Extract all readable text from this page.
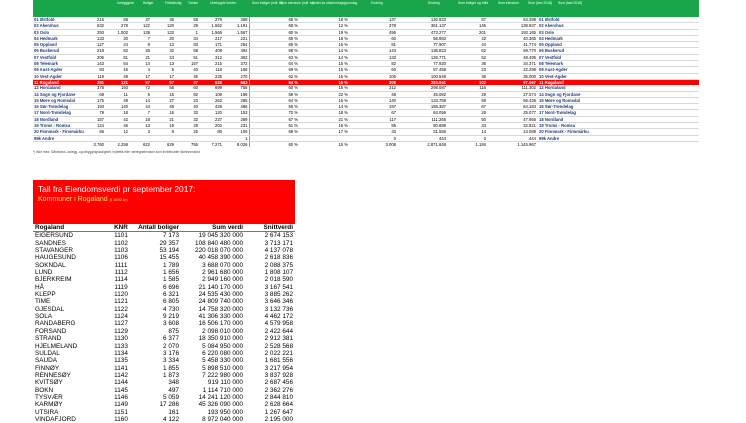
Innbyggere	Boliger	Fritidsbolig Tomter	Ubebygde tomter	Sum boliger (mill. kr)
Sum eiendom (mill. kr)
Andel av utskrivningsgrunnlag	Endring	Endring	Sum boliger og fritid	Sum eiendom	Sum (fast 2018) Sum (fast 2018)
01 Østfold	215	68	37	36	58	279	369	65 %	16 %	137	130.933	57	54.399	01 Østfold
02 Akershus	632	278	122	120	29	1.562	1.191	68 %	12 %	378	361.137	145	138.937	02 Akershus
03 Oslo	293	1.002	139	133	1	1.566	1.567	60 %	19 %	496	473.277	201	193.165	03 Oslo
04 Hedmark	133	30	7	20	34	217	221	69 %	16 %	60	56.983	42	40.365	04 Hedmark
05 Oppland	127	24	9	13	83	171	254	65 %	16 %	81	77.907	44	41.774	05 Oppland
06 Buskerud	219	82	26	32	58	408	492	68 %	14 %	143	136.823	62	59.770	06 Buskerud
07 Vestfold	206	61	21	24	51	312	362	63 %	14 %	133	126.771	52	48.495	07 Vestfold
08 Telemark	143	54	14	13	157	215	372	64 %	15 %	82	77.920	36	34.371	08 Telemark
09 Aust-Agder	93	16	4	5	40	118	158	69 %	15 %	60	57.459	23	22.296	09 Aust-Agder
10 Vest-Agder	119	48	17	17	45	225	270	62 %	15 %	105	100.549	36	35.000	10 Vest-Agder
11 Rogaland	391	121	57	57	37	628	663	54 %	15 %	308	293.941	102	97.667	11 Rogaland
12 Hordaland	378	193	72	56	60	699	758	60 %	15 %	312	298.087	116	111.302	12 Hordaland
14 Sogn og Fjordane	68	11	6	15	92	106	198	59 %	22 %	48	45.082	29	27.574	14 Sogn og Fjordane
15 Møre og Romsdal	175	48	14	27	23	262	285	64 %	16 %	140	133.759	59	56.436	15 Møre og Romsdal
16 Sør-Trøndelag	193	140	44	48	40	426	466	58 %	14 %	197	188.387	67	64.184	16 Sør-Trøndelag
17 Nord-Trøndelag	79	18	7	16	33	120	153	70 %	18 %	67	64.056	26	25.077	17 Nord-Trøndelag
18 Nordland	157	42	18	21	32	237	269	67 %	21 %	117	111.265	50	47.956	18 Nordland
19 Troms - Romsa	124	46	13	19	29	202	231	61 %	16 %	85	80.689	34	32.821	19 Troms - Romsa
20 Finnmark - Finnmárku	56	12	3	9	25	80	105	69 %	17 %	33	31.555	14	13.089	20 Finnmark - Finnmárku
99k Andre							1			0	444	0	444	99k Andre
	3.760	2.259	622	629	755	7.271	8.026	60 %	15 %	3.008	2.871.848	1.194	1.145.967	
*) Ikke med: Gårdsbruk, anlegg- og utbyggingsbolighelt, hytteflis eller næringseiendom som innbeholder ikkeinnenbord
Tall fra Eiendomsverdi pr september 2017:
Kommuner i Rogaland (i 1000 kr)
Rogaland	KNR	Antall boliger	Sum verdi	Snittverdi
EIGERSUND	1101	7 173	19 045 320 000	2 674 153
SANDNES	1102	29 357	108 840 480 000	3 713 171
STAVANGER	1103	53 194	220 018 070 000	4 137 078
HAUGESUND	1106	15 455	40 458 390 000	2 618 836
SOKNDAL	1111	1 789	3 688 070 000	2 088 375
LUND	1112	1 656	2 961 680 000	1 808 107
BJERKREIM	1114	1 585	2 949 160 000	2 018 590
HÅ	1119	6 696	21 140 170 000	3 167 541
KLEPP	1120	6 321	24 535 430 000	3 885 262
TIME	1121	6 805	24 809 740 000	3 646 346
GJESDAL	1122	4 730	14 758 320 000	3 132 736
SOLA	1124	9 219	41 306 330 000	4 462 172
RANDABERG	1127	3 608	16 506 170 000	4 579 958
FORSAND	1129	875	2 098 010 000	2 422 644
STRAND	1130	6 377	18 350 910 000	2 912 381
HJELMELAND	1133	2 070	5 084 950 000	2 528 568
SULDAL	1134	3 176	6 220 080 000	2 022 221
SAUDA	1135	3 334	5 458 330 000	1 681 556
FINNØY	1141	1 855	5 898 510 000	3 217 954
RENNESØY	1142	1 873	7 222 980 000	3 837 928
KVITSØY	1144	348	919 110 000	2 687 456
BOKN	1145	497	1 114 710 000	2 362 276
TYSVÆR	1146	5 059	14 241 120 000	2 844 810
KARMØY	1149	17 286	45 326 090 000	2 628 664
UTSIRA	1151	161	193 950 000	1 267 647
VINDAFJORD	1160	4 122	8 972 040 000	2 195 000
